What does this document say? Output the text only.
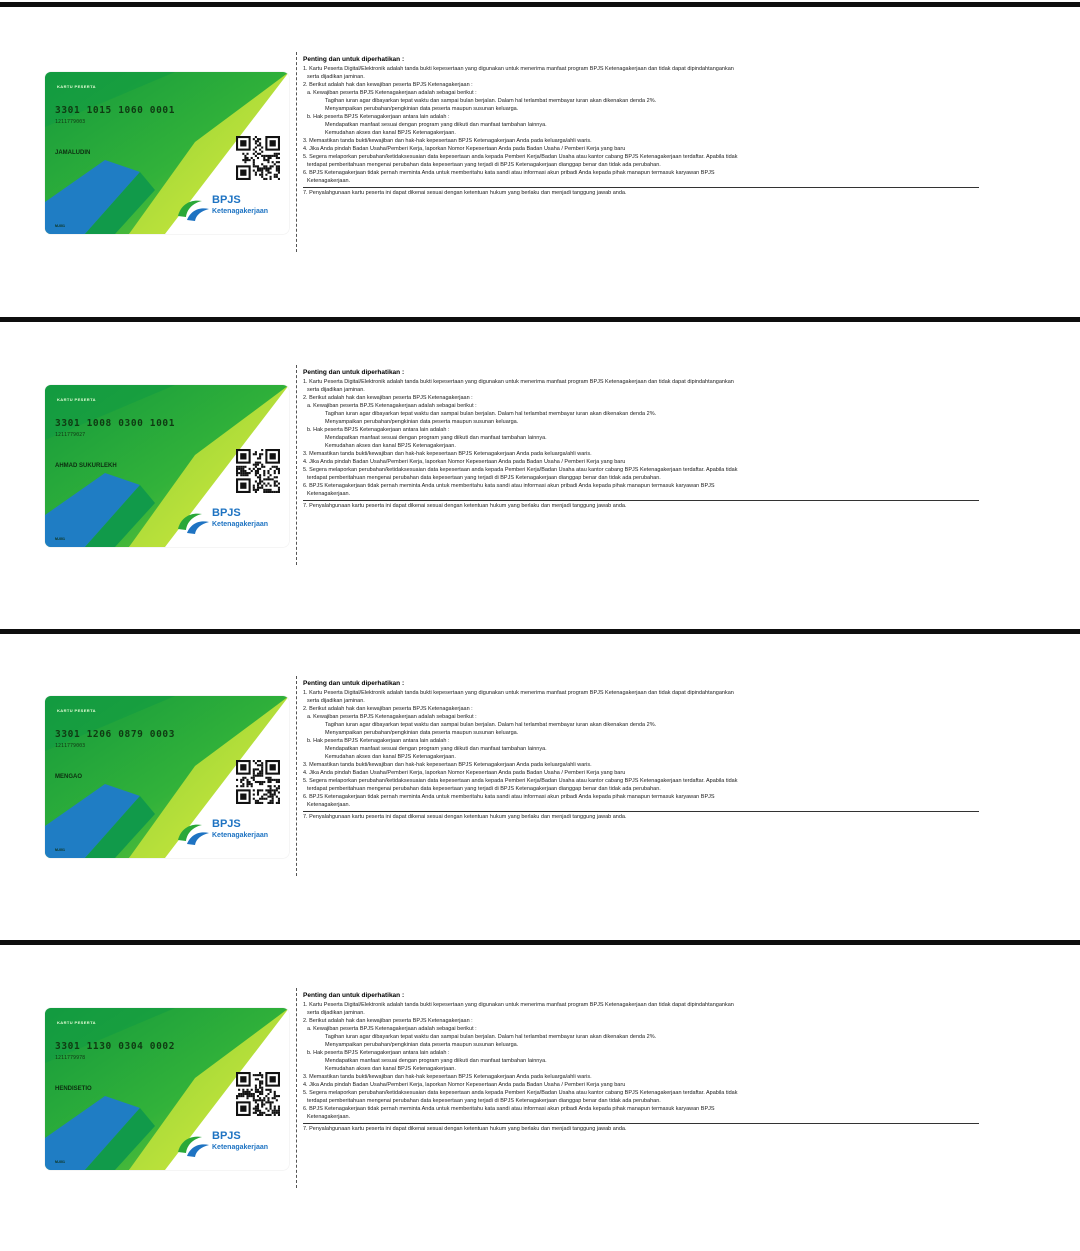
KARTU PESERTA
3301 1015 1060 0001
1211779003
JAMALUDIN
M-001
BPJS
Ketenagakerjaan
Penting dan untuk diperhatikan :

1. Kartu Peserta Digital/Elektronik adalah tanda bukti kepesertaan yang digunakan untuk menerima manfaat program BPJS Ketenagakerjaan dan tidak dapat dipindahtangankan

serta dijadikan jaminan.

2. Berikut adalah hak dan kewajiban peserta BPJS Ketenagakerjaan :

a. Kewajiban peserta BPJS Ketenagakerjaan adalah sebagai berikut :

Tagihan iuran agar dibayarkan tepat waktu dan sampai bulan berjalan. Dalam hal terlambat membayar iuran akan dikenakan denda 2%.

Menyampaikan perubahan/pengkinian data peserta maupun susunan keluarga.

b. Hak peserta BPJS Ketenagakerjaan antara lain adalah :

Mendapatkan manfaat sesuai dengan program yang diikuti dan manfaat tambahan lainnya.

Kemudahan akses dan kanal BPJS Ketenagakerjaan.

3. Memastikan tanda bukti/kewajiban dan hak-hak kepesertaan BPJS Ketenagakerjaan Anda pada keluarga/ahli waris.

4. Jika Anda pindah Badan Usaha/Pemberi Kerja, laporkan Nomor Kepesertaan Anda pada Badan Usaha / Pemberi Kerja yang baru

5. Segera melaporkan perubahan/ketidaksesuaian data kepesertaan anda kepada Pemberi Kerja/Badan Usaha atau kantor cabang BPJS Ketenagakerjaan terdaftar. Apabila tidak

terdapat pemberitahuan mengenai perubahan data kepesertaan yang terjadi di BPJS Ketenagakerjaan dianggap benar dan tidak ada perubahan.

6. BPJS Ketenagakerjaan tidak pernah meminta Anda untuk memberitahu kata sandi atau informasi akun pribadi Anda kepada pihak manapun termasuk karyawan BPJS

Ketenagakerjaan.

7. Penyalahgunaan kartu peserta ini dapat dikenai sesuai dengan ketentuan hukum yang berlaku dan menjadi tanggung jawab anda.

KARTU PESERTA
3301 1008 0300 1001
1211779027
AHMAD SUKURLEKH
M-001
BPJS
Ketenagakerjaan
Penting dan untuk diperhatikan :

1. Kartu Peserta Digital/Elektronik adalah tanda bukti kepesertaan yang digunakan untuk menerima manfaat program BPJS Ketenagakerjaan dan tidak dapat dipindahtangankan

serta dijadikan jaminan.

2. Berikut adalah hak dan kewajiban peserta BPJS Ketenagakerjaan :

a. Kewajiban peserta BPJS Ketenagakerjaan adalah sebagai berikut :

Tagihan iuran agar dibayarkan tepat waktu dan sampai bulan berjalan. Dalam hal terlambat membayar iuran akan dikenakan denda 2%.

Menyampaikan perubahan/pengkinian data peserta maupun susunan keluarga.

b. Hak peserta BPJS Ketenagakerjaan antara lain adalah :

Mendapatkan manfaat sesuai dengan program yang diikuti dan manfaat tambahan lainnya.

Kemudahan akses dan kanal BPJS Ketenagakerjaan.

3. Memastikan tanda bukti/kewajiban dan hak-hak kepesertaan BPJS Ketenagakerjaan Anda pada keluarga/ahli waris.

4. Jika Anda pindah Badan Usaha/Pemberi Kerja, laporkan Nomor Kepesertaan Anda pada Badan Usaha / Pemberi Kerja yang baru

5. Segera melaporkan perubahan/ketidaksesuaian data kepesertaan anda kepada Pemberi Kerja/Badan Usaha atau kantor cabang BPJS Ketenagakerjaan terdaftar. Apabila tidak

terdapat pemberitahuan mengenai perubahan data kepesertaan yang terjadi di BPJS Ketenagakerjaan dianggap benar dan tidak ada perubahan.

6. BPJS Ketenagakerjaan tidak pernah meminta Anda untuk memberitahu kata sandi atau informasi akun pribadi Anda kepada pihak manapun termasuk karyawan BPJS

Ketenagakerjaan.

7. Penyalahgunaan kartu peserta ini dapat dikenai sesuai dengan ketentuan hukum yang berlaku dan menjadi tanggung jawab anda.

KARTU PESERTA
3301 1206 0879 0003
1211779003
MENGAO
M-001
BPJS
Ketenagakerjaan
Penting dan untuk diperhatikan :

1. Kartu Peserta Digital/Elektronik adalah tanda bukti kepesertaan yang digunakan untuk menerima manfaat program BPJS Ketenagakerjaan dan tidak dapat dipindahtangankan

serta dijadikan jaminan.

2. Berikut adalah hak dan kewajiban peserta BPJS Ketenagakerjaan :

a. Kewajiban peserta BPJS Ketenagakerjaan adalah sebagai berikut :

Tagihan iuran agar dibayarkan tepat waktu dan sampai bulan berjalan. Dalam hal terlambat membayar iuran akan dikenakan denda 2%.

Menyampaikan perubahan/pengkinian data peserta maupun susunan keluarga.

b. Hak peserta BPJS Ketenagakerjaan antara lain adalah :

Mendapatkan manfaat sesuai dengan program yang diikuti dan manfaat tambahan lainnya.

Kemudahan akses dan kanal BPJS Ketenagakerjaan.

3. Memastikan tanda bukti/kewajiban dan hak-hak kepesertaan BPJS Ketenagakerjaan Anda pada keluarga/ahli waris.

4. Jika Anda pindah Badan Usaha/Pemberi Kerja, laporkan Nomor Kepesertaan Anda pada Badan Usaha / Pemberi Kerja yang baru

5. Segera melaporkan perubahan/ketidaksesuaian data kepesertaan anda kepada Pemberi Kerja/Badan Usaha atau kantor cabang BPJS Ketenagakerjaan terdaftar. Apabila tidak

terdapat pemberitahuan mengenai perubahan data kepesertaan yang terjadi di BPJS Ketenagakerjaan dianggap benar dan tidak ada perubahan.

6. BPJS Ketenagakerjaan tidak pernah meminta Anda untuk memberitahu kata sandi atau informasi akun pribadi Anda kepada pihak manapun termasuk karyawan BPJS

Ketenagakerjaan.

7. Penyalahgunaan kartu peserta ini dapat dikenai sesuai dengan ketentuan hukum yang berlaku dan menjadi tanggung jawab anda.

KARTU PESERTA
3301 1130 0304 0002
1211779978
HENDISETIO
M-001
BPJS
Ketenagakerjaan
Penting dan untuk diperhatikan :

1. Kartu Peserta Digital/Elektronik adalah tanda bukti kepesertaan yang digunakan untuk menerima manfaat program BPJS Ketenagakerjaan dan tidak dapat dipindahtangankan

serta dijadikan jaminan.

2. Berikut adalah hak dan kewajiban peserta BPJS Ketenagakerjaan :

a. Kewajiban peserta BPJS Ketenagakerjaan adalah sebagai berikut :

Tagihan iuran agar dibayarkan tepat waktu dan sampai bulan berjalan. Dalam hal terlambat membayar iuran akan dikenakan denda 2%.

Menyampaikan perubahan/pengkinian data peserta maupun susunan keluarga.

b. Hak peserta BPJS Ketenagakerjaan antara lain adalah :

Mendapatkan manfaat sesuai dengan program yang diikuti dan manfaat tambahan lainnya.

Kemudahan akses dan kanal BPJS Ketenagakerjaan.

3. Memastikan tanda bukti/kewajiban dan hak-hak kepesertaan BPJS Ketenagakerjaan Anda pada keluarga/ahli waris.

4. Jika Anda pindah Badan Usaha/Pemberi Kerja, laporkan Nomor Kepesertaan Anda pada Badan Usaha / Pemberi Kerja yang baru

5. Segera melaporkan perubahan/ketidaksesuaian data kepesertaan anda kepada Pemberi Kerja/Badan Usaha atau kantor cabang BPJS Ketenagakerjaan terdaftar. Apabila tidak

terdapat pemberitahuan mengenai perubahan data kepesertaan yang terjadi di BPJS Ketenagakerjaan dianggap benar dan tidak ada perubahan.

6. BPJS Ketenagakerjaan tidak pernah meminta Anda untuk memberitahu kata sandi atau informasi akun pribadi Anda kepada pihak manapun termasuk karyawan BPJS

Ketenagakerjaan.

7. Penyalahgunaan kartu peserta ini dapat dikenai sesuai dengan ketentuan hukum yang berlaku dan menjadi tanggung jawab anda.
